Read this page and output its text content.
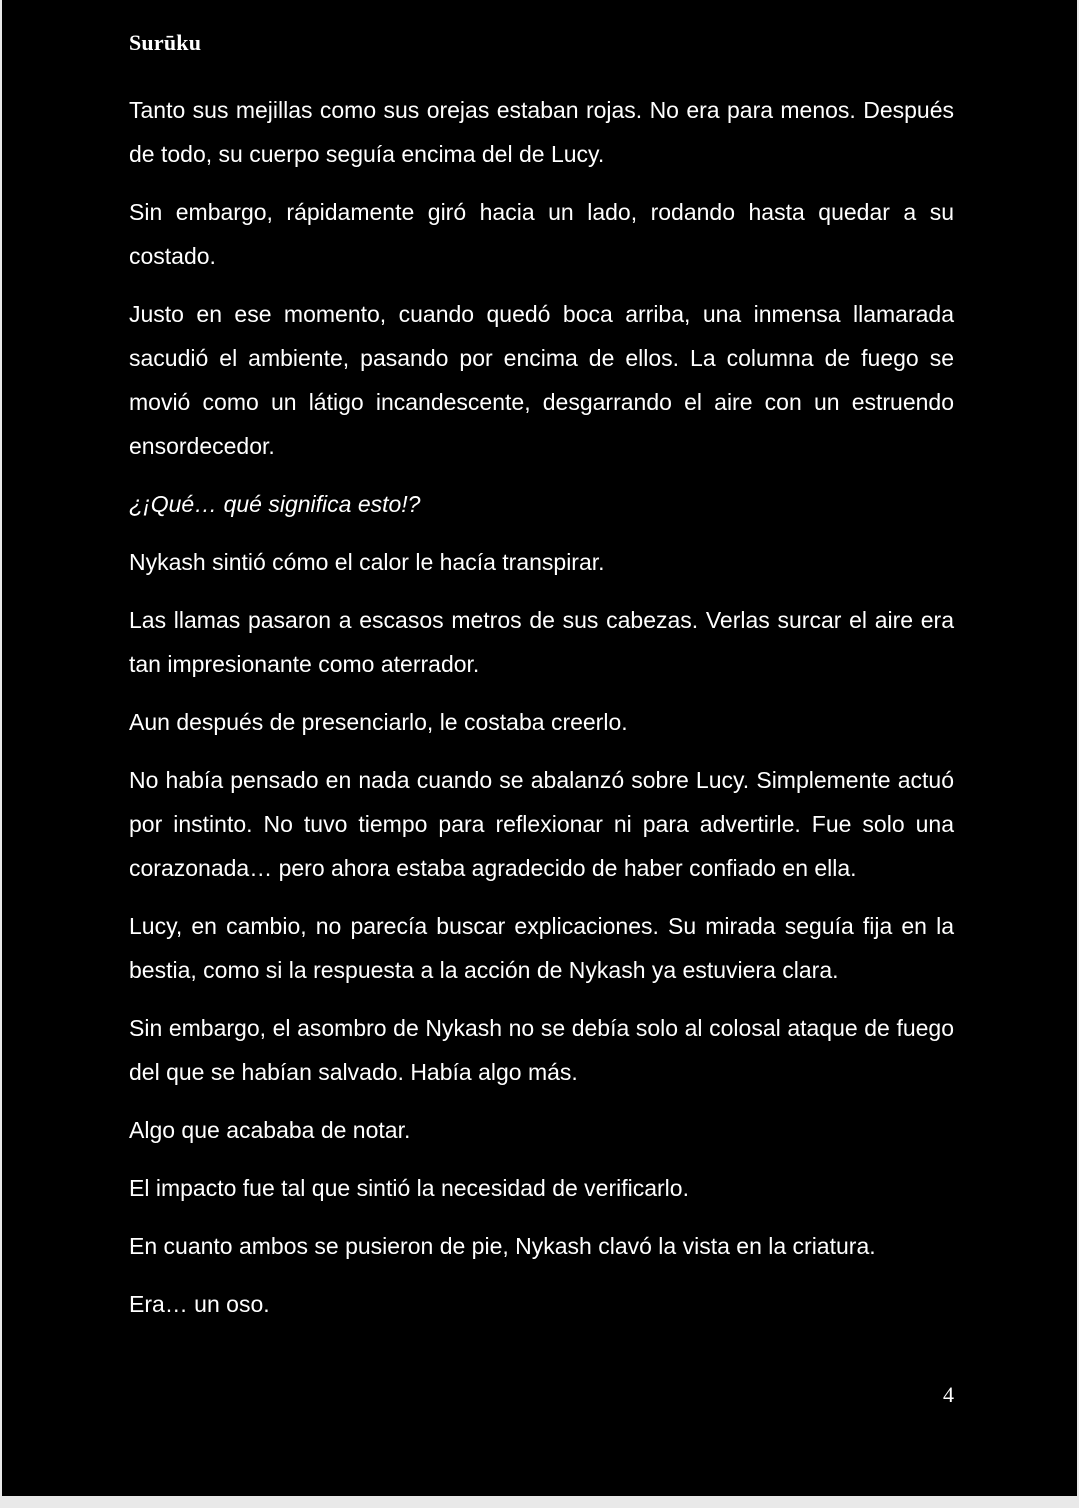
Surūku

Tanto sus mejillas como sus orejas estaban rojas. No era para menos. Después de todo, su cuerpo seguía encima del de Lucy.

Sin embargo, rápidamente giró hacia un lado, rodando hasta quedar a su costado.

Justo en ese momento, cuando quedó boca arriba, una inmensa llamarada sacudió el ambiente, pasando por encima de ellos. La columna de fuego se movió como un látigo incandescente, desgarrando el aire con un estruendo ensordecedor.

¿¡Qué… qué significa esto!?

Nykash sintió cómo el calor le hacía transpirar.

Las llamas pasaron a escasos metros de sus cabezas. Verlas surcar el aire era tan impresionante como aterrador.

Aun después de presenciarlo, le costaba creerlo.

No había pensado en nada cuando se abalanzó sobre Lucy. Simplemente actuó por instinto. No tuvo tiempo para reflexionar ni para advertirle. Fue solo una corazonada… pero ahora estaba agradecido de haber confiado en ella.

Lucy, en cambio, no parecía buscar explicaciones. Su mirada seguía fija en la bestia, como si la respuesta a la acción de Nykash ya estuviera clara.

Sin embargo, el asombro de Nykash no se debía solo al colosal ataque de fuego del que se habían salvado. Había algo más.

Algo que acababa de notar.

El impacto fue tal que sintió la necesidad de verificarlo.

En cuanto ambos se pusieron de pie, Nykash clavó la vista en la criatura.

Era… un oso.

4
